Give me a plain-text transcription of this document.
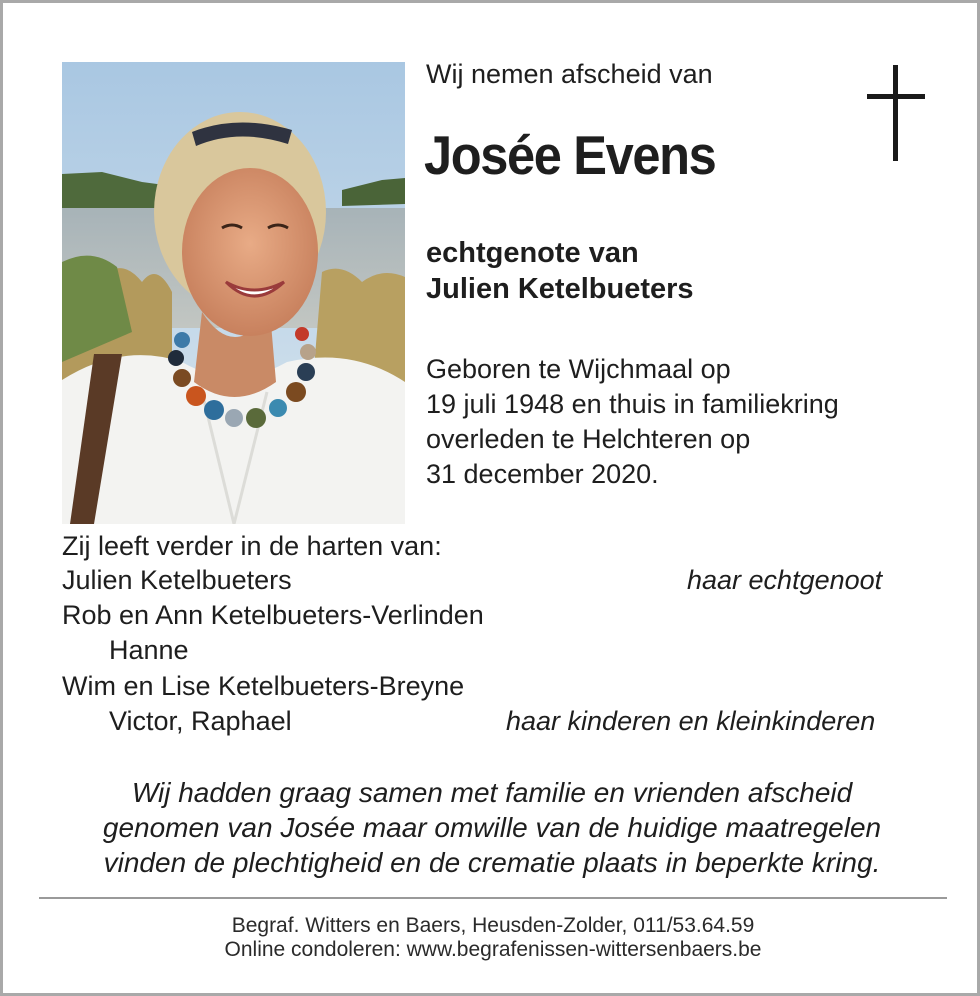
Wij nemen afscheid van
Josée Evens
echtgenote van
Julien Ketelbueters
Geboren te Wijchmaal op
19 juli 1948 en thuis in familiekring
overleden te Helchteren op
31 december 2020.
Zij leeft verder in de harten van:
Julien Ketelbueters	haar echtgenoot
Rob en Ann Ketelbueters-Verlinden
Hanne
Wim en Lise Ketelbueters-Breyne
Victor, Raphael	haar kinderen en kleinkinderen
Wij hadden graag samen met familie en vrienden afscheid
genomen van Josée maar omwille van de huidige maatregelen
vinden de plechtigheid en de crematie plaats in beperkte kring.
Begraf. Witters en Baers, Heusden-Zolder, 011/53.64.59
Online condoleren: www.begrafenissen-wittersenbaers.be
